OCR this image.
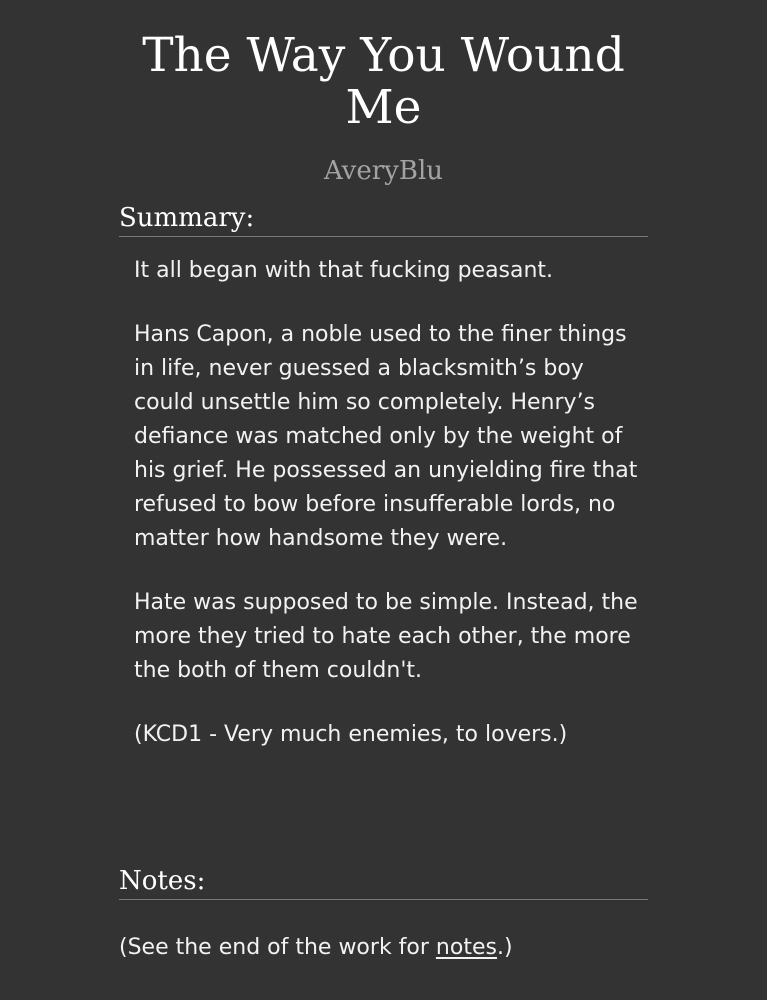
The Way You Wound Me
AveryBlu
Summary:

It all began with that fucking peasant.

Hans Capon, a noble used to the finer things in life, never guessed a blacksmith’s boy could unsettle him so completely. Henry’s defiance was matched only by the weight of his grief. He possessed an unyielding fire that refused to bow before insufferable lords, no matter how handsome they were.

Hate was supposed to be simple. Instead, the more they tried to hate each other, the more the both of them couldn't.

(KCD1 - Very much enemies, to lovers.)

Notes:
(See the end of the work for notes.)
